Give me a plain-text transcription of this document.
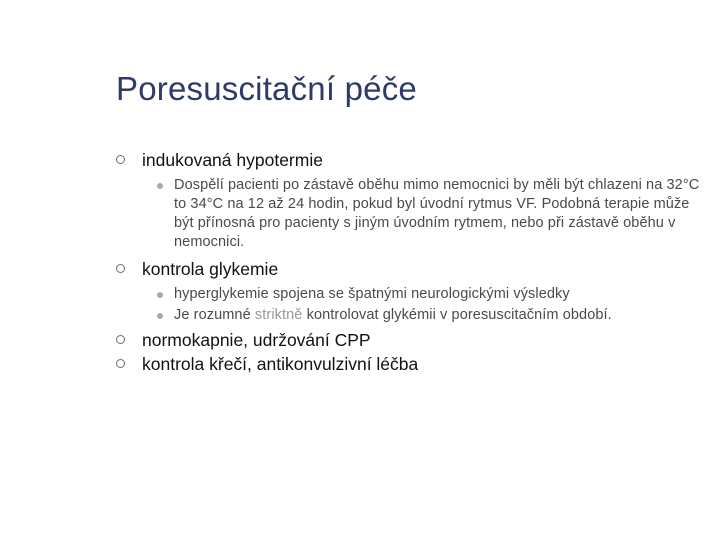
Poresuscitační péče
indukovaná hypotermie
Dospělí pacienti po zástavě oběhu mimo nemocnici by měli být chlazeni na 32°C to 34°C na 12 až 24 hodin, pokud byl úvodní rytmus VF. Podobná terapie může být přínosná pro pacienty s jiným úvodním rytmem, nebo při zástavě oběhu v nemocnici.
kontrola glykemie
hyperglykemie spojena se špatnými neurologickými výsledky
Je rozumné striktně kontrolovat glykémii v poresuscitačním období.
normokapnie, udržování CPP
kontrola křečí, antikonvulzivní léčba
